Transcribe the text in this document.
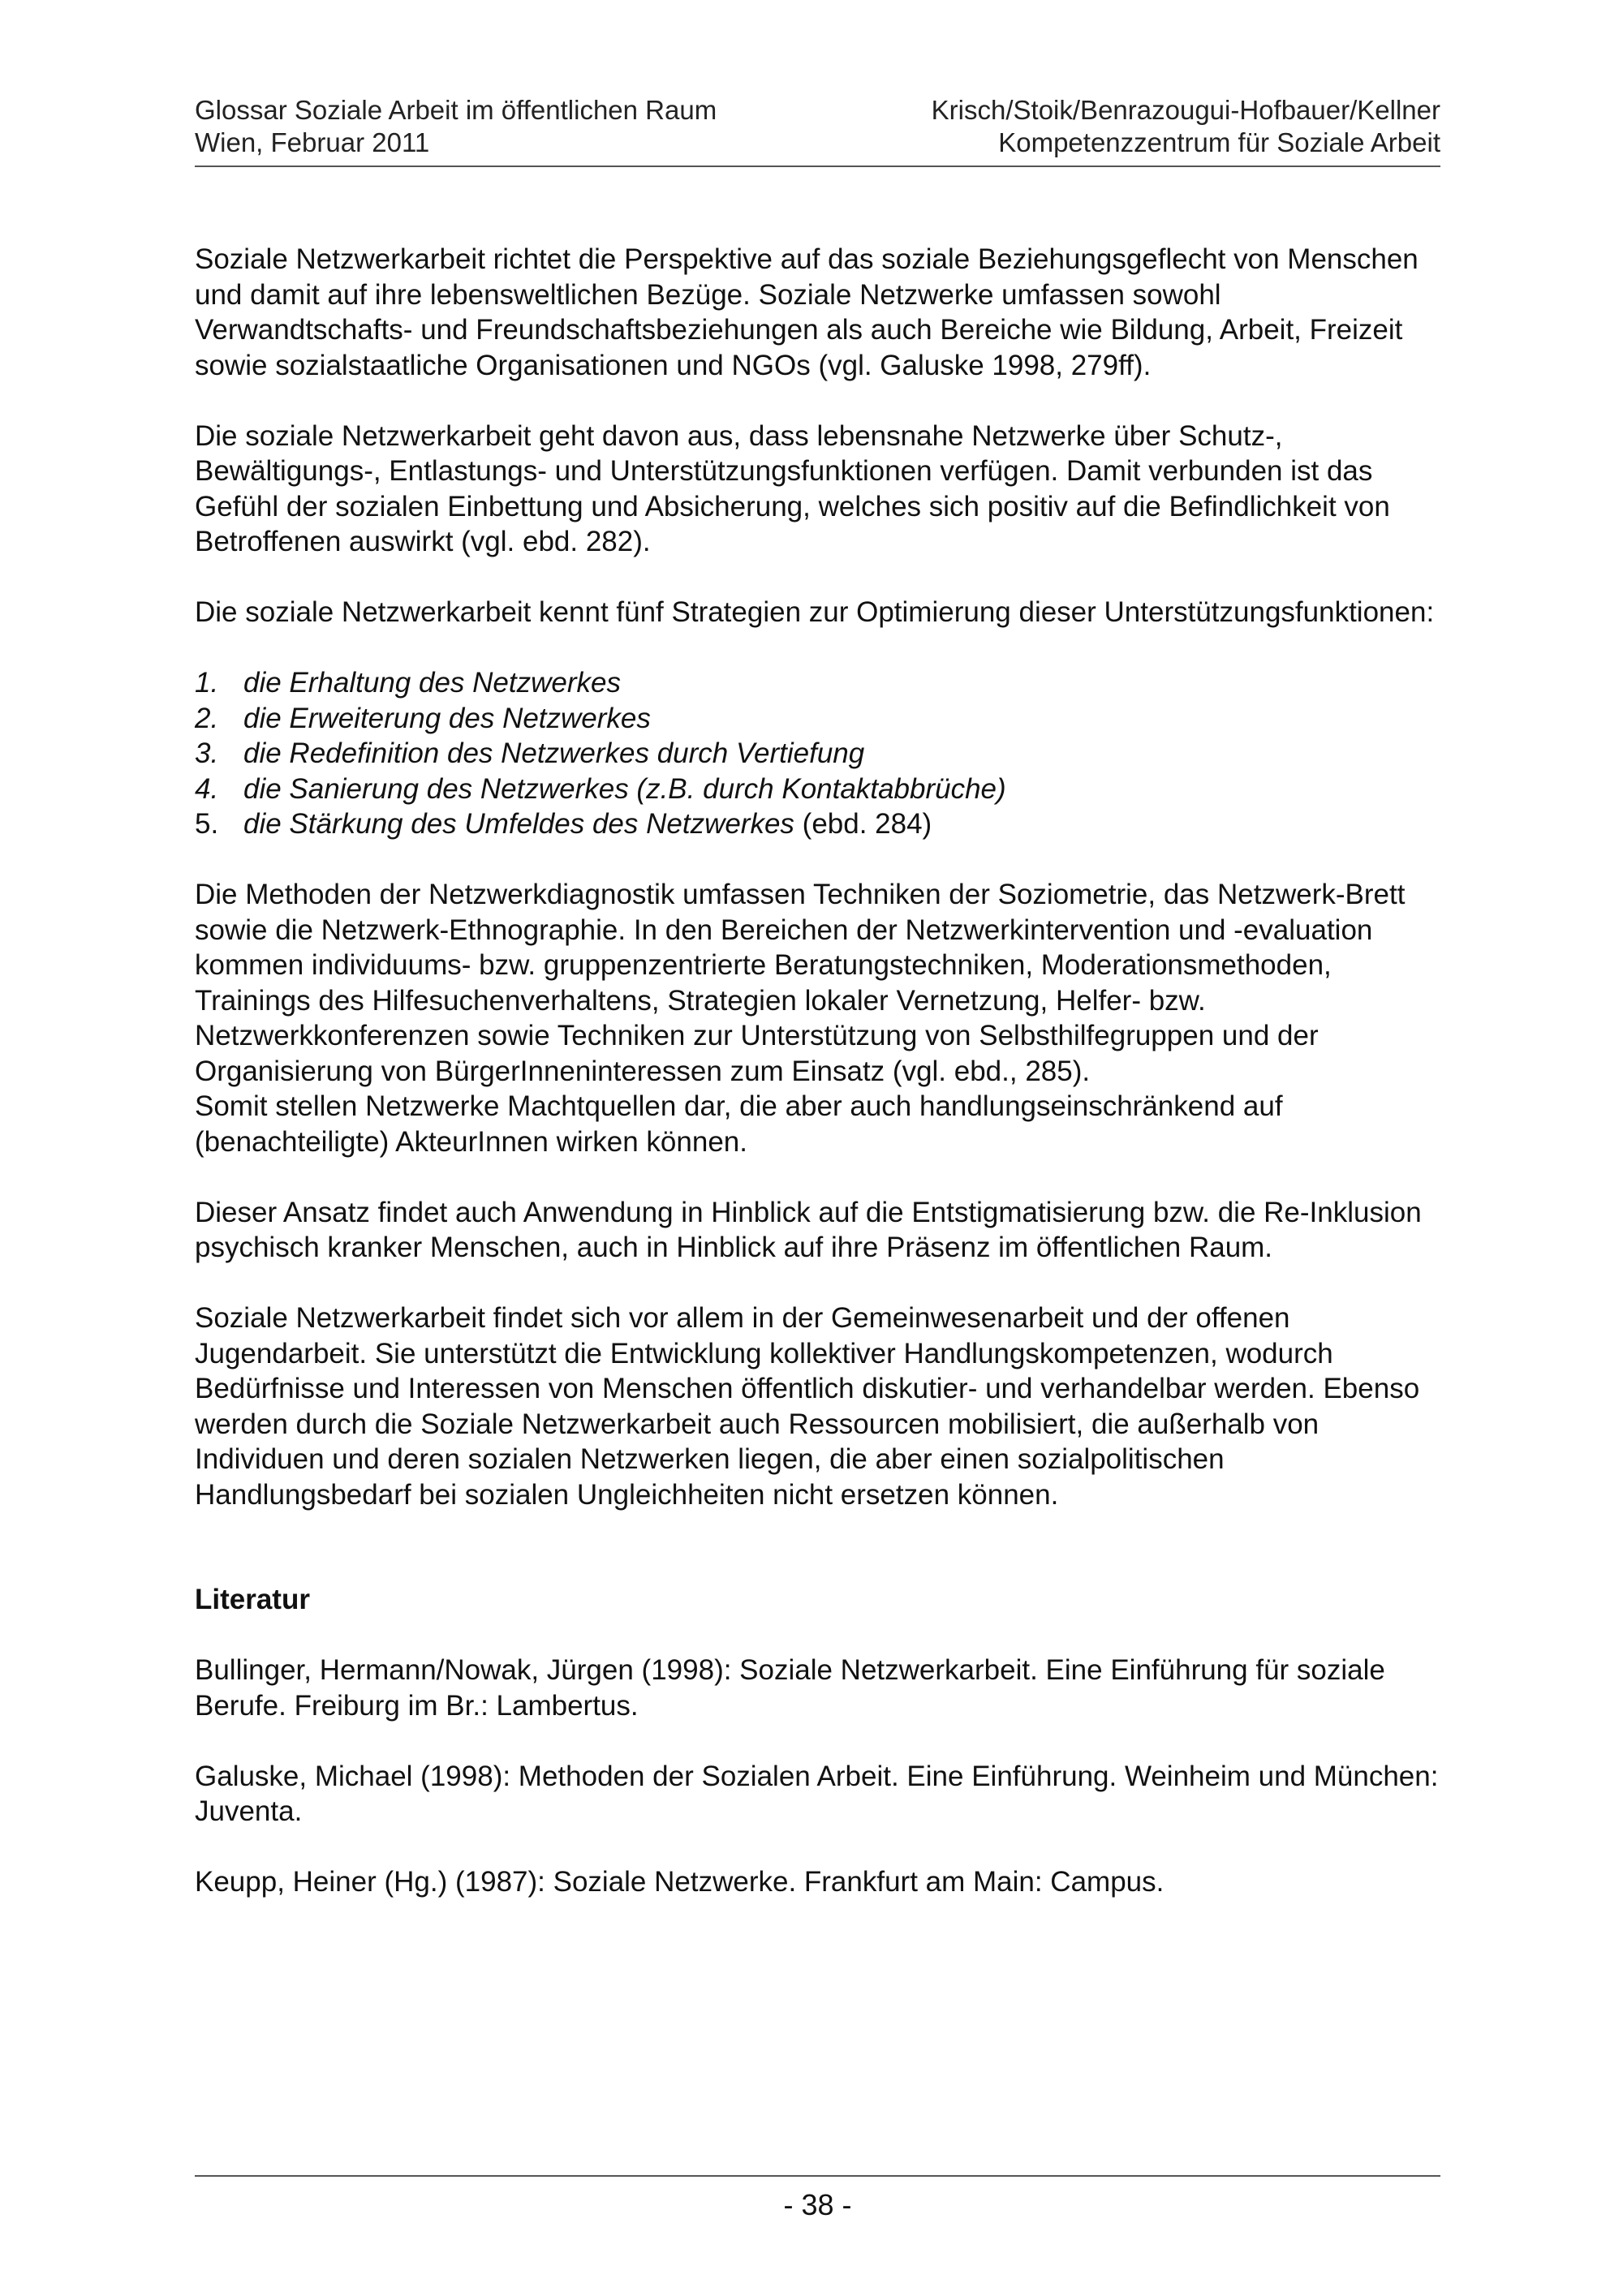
Glossar Soziale Arbeit im öffentlichen Raum
Wien, Februar 2011
Krisch/Stoik/Benrazougui-Hofbauer/Kellner
Kompetenzzentrum für Soziale Arbeit

Soziale Netzwerkarbeit richtet die Perspektive auf das soziale Beziehungsgeflecht von Menschen und damit auf ihre lebensweltlichen Bezüge. Soziale Netzwerke umfassen sowohl Verwandtschafts- und Freundschaftsbeziehungen als auch Bereiche wie Bildung, Arbeit, Freizeit sowie sozialstaatliche Organisationen und NGOs (vgl. Galuske 1998, 279ff).

Die soziale Netzwerkarbeit geht davon aus, dass lebensnahe Netzwerke über Schutz-, Bewältigungs-, Entlastungs- und Unterstützungsfunktionen verfügen. Damit verbunden ist das Gefühl der sozialen Einbettung und Absicherung, welches sich positiv auf die Befindlichkeit von Betroffenen auswirkt (vgl. ebd. 282).

Die soziale Netzwerkarbeit kennt fünf Strategien zur Optimierung dieser Unterstützungsfunktionen:

1. die Erhaltung des Netzwerkes
2. die Erweiterung des Netzwerkes
3. die Redefinition des Netzwerkes durch Vertiefung
4. die Sanierung des Netzwerkes (z.B. durch Kontaktabbrüche)
5. die Stärkung des Umfeldes des Netzwerkes (ebd. 284)

Die Methoden der Netzwerkdiagnostik umfassen Techniken der Soziometrie, das Netzwerk-Brett sowie die Netzwerk-Ethnographie. In den Bereichen der Netzwerkintervention und -evaluation kommen individuums- bzw. gruppenzentrierte Beratungstechniken, Moderationsmethoden, Trainings des Hilfesuchenverhaltens, Strategien lokaler Vernetzung, Helfer- bzw. Netzwerkkonferenzen sowie Techniken zur Unterstützung von Selbsthilfegruppen und der Organisierung von BürgerInneninteressen zum Einsatz (vgl. ebd., 285).

Somit stellen Netzwerke Machtquellen dar, die aber auch handlungseinschränkend auf (benachteiligte) AkteurInnen wirken können.

Dieser Ansatz findet auch Anwendung in Hinblick auf die Entstigmatisierung bzw. die Re-Inklusion psychisch kranker Menschen, auch in Hinblick auf ihre Präsenz im öffentlichen Raum.

Soziale Netzwerkarbeit findet sich vor allem in der Gemeinwesenarbeit und der offenen Jugendarbeit. Sie unterstützt die Entwicklung kollektiver Handlungskompetenzen, wodurch Bedürfnisse und Interessen von Menschen öffentlich diskutier- und verhandelbar werden. Ebenso werden durch die Soziale Netzwerkarbeit auch Ressourcen mobilisiert, die außerhalb von Individuen und deren sozialen Netzwerken liegen, die aber einen sozialpolitischen Handlungsbedarf bei sozialen Ungleichheiten nicht ersetzen können.

Literatur

Bullinger, Hermann/Nowak, Jürgen (1998): Soziale Netzwerkarbeit. Eine Einführung für soziale Berufe. Freiburg im Br.: Lambertus.

Galuske, Michael (1998): Methoden der Sozialen Arbeit. Eine Einführung. Weinheim und München: Juventa.

Keupp, Heiner (Hg.) (1987): Soziale Netzwerke. Frankfurt am Main: Campus.

- 38 -
